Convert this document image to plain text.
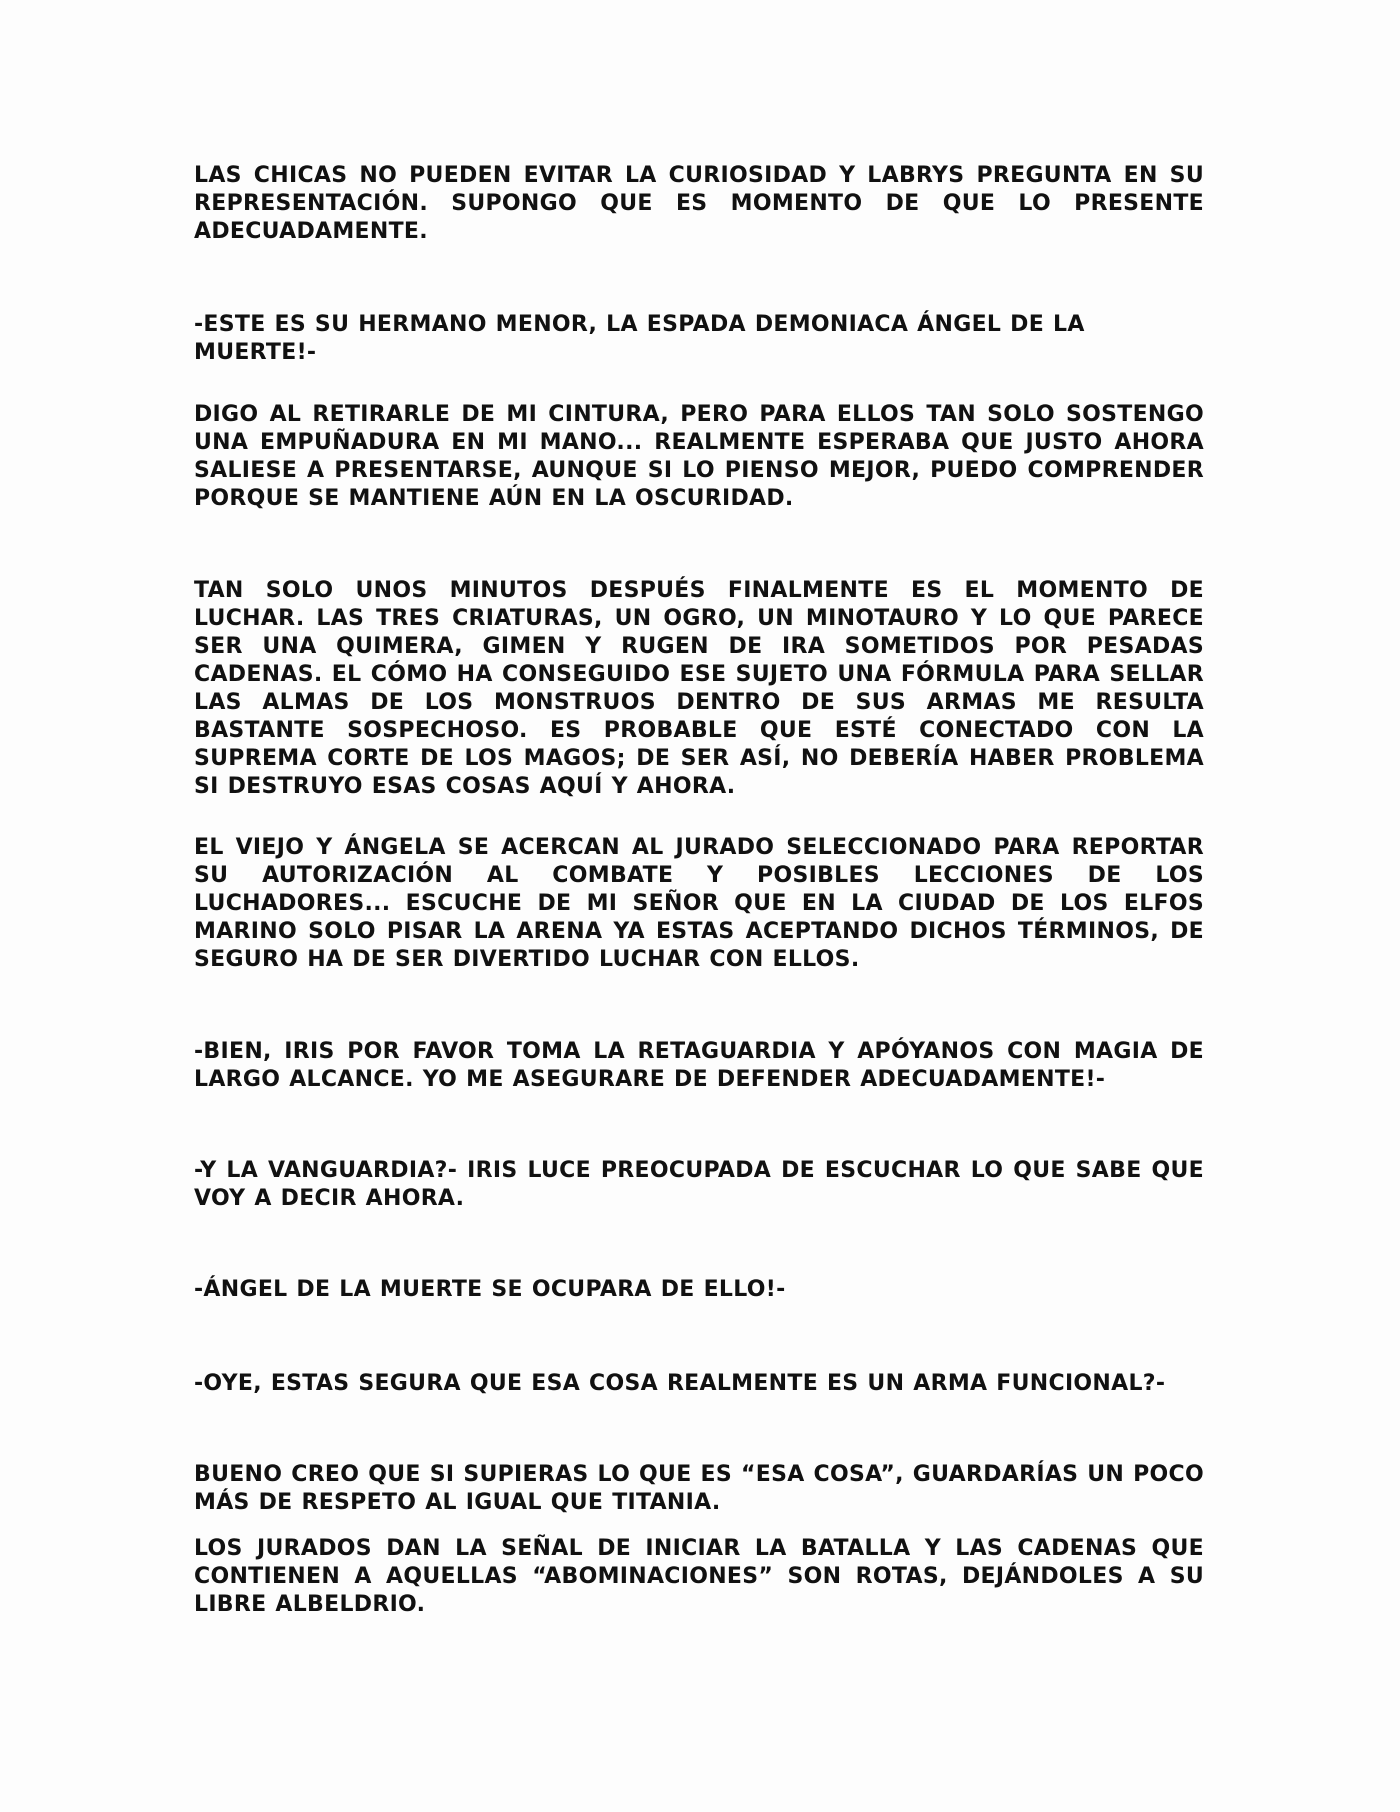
LAS CHICAS NO PUEDEN EVITAR LA CURIOSIDAD Y LABRYS PREGUNTA EN SU REPRESENTACIÓN. SUPONGO QUE ES MOMENTO DE QUE LO PRESENTE ADECUADAMENTE.

-ESTE ES SU HERMANO MENOR, LA ESPADA DEMONIACA ÁNGEL DE LA MUERTE!-

DIGO AL RETIRARLE DE MI CINTURA, PERO PARA ELLOS TAN SOLO SOSTENGO UNA EMPUÑADURA EN MI MANO... REALMENTE ESPERABA QUE JUSTO AHORA SALIESE A PRESENTARSE, AUNQUE SI LO PIENSO MEJOR, PUEDO COMPRENDER PORQUE SE MANTIENE AÚN EN LA OSCURIDAD.

TAN SOLO UNOS MINUTOS DESPUÉS FINALMENTE ES EL MOMENTO DE LUCHAR. LAS TRES CRIATURAS, UN OGRO, UN MINOTAURO Y LO QUE PARECE SER UNA QUIMERA, GIMEN Y RUGEN DE IRA SOMETIDOS POR PESADAS CADENAS. EL CÓMO HA CONSEGUIDO ESE SUJETO UNA FÓRMULA PARA SELLAR LAS ALMAS DE LOS MONSTRUOS DENTRO DE SUS ARMAS ME RESULTA BASTANTE SOSPECHOSO. ES PROBABLE QUE ESTÉ CONECTADO CON LA SUPREMA CORTE DE LOS MAGOS; DE SER ASÍ, NO DEBERÍA HABER PROBLEMA SI DESTRUYO ESAS COSAS AQUÍ Y AHORA.

EL VIEJO Y ÁNGELA SE ACERCAN AL JURADO SELECCIONADO PARA REPORTAR SU AUTORIZACIÓN AL COMBATE Y POSIBLES LECCIONES DE LOS LUCHADORES... ESCUCHE DE MI SEÑOR QUE EN LA CIUDAD DE LOS ELFOS MARINO SOLO PISAR LA ARENA YA ESTAS ACEPTANDO DICHOS TÉRMINOS, DE SEGURO HA DE SER DIVERTIDO LUCHAR CON ELLOS.

-BIEN, IRIS POR FAVOR TOMA LA RETAGUARDIA Y APÓYANOS CON MAGIA DE LARGO ALCANCE. YO ME ASEGURARE DE DEFENDER ADECUADAMENTE!-

-Y LA VANGUARDIA?- IRIS LUCE PREOCUPADA DE ESCUCHAR LO QUE SABE QUE VOY A DECIR AHORA.

-ÁNGEL DE LA MUERTE SE OCUPARA DE ELLO!-

-OYE, ESTAS SEGURA QUE ESA COSA REALMENTE ES UN ARMA FUNCIONAL?-

BUENO CREO QUE SI SUPIERAS LO QUE ES “ESA COSA”, GUARDARÍAS UN POCO MÁS DE RESPETO AL IGUAL QUE TITANIA.

LOS JURADOS DAN LA SEÑAL DE INICIAR LA BATALLA Y LAS CADENAS QUE CONTIENEN A AQUELLAS “ABOMINACIONES” SON ROTAS, DEJÁNDOLES A SU LIBRE ALBELDRIO.
